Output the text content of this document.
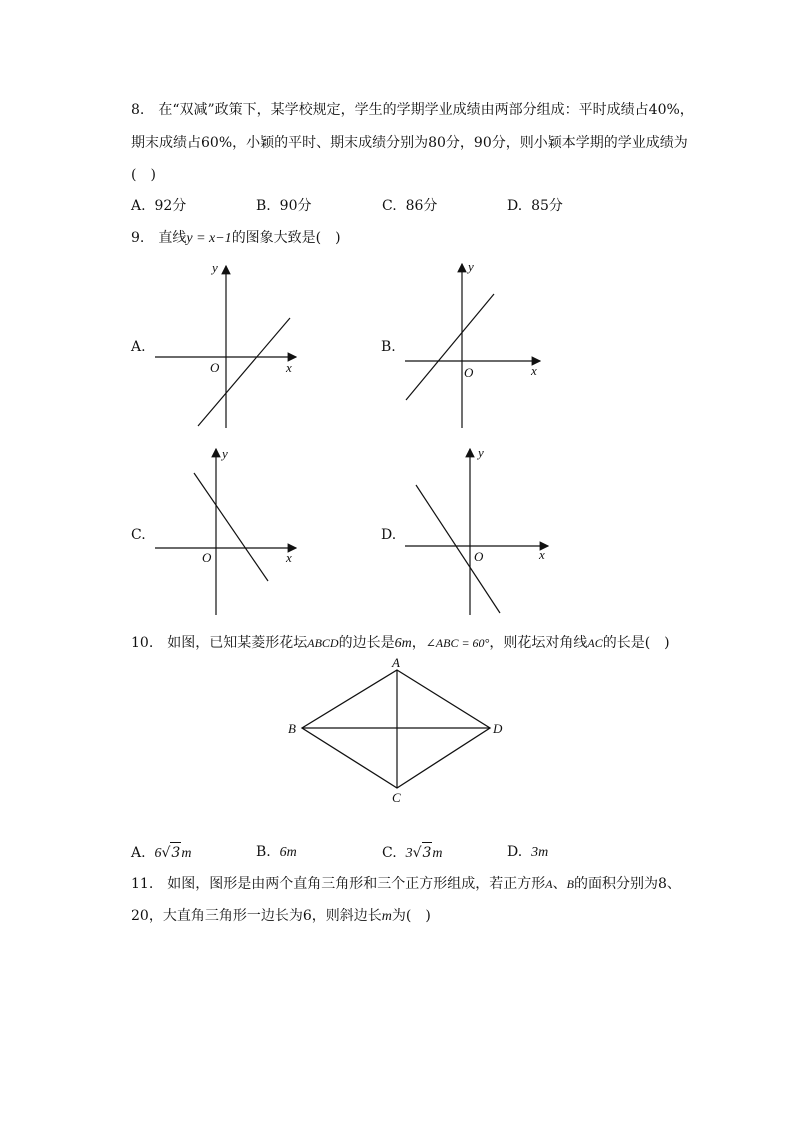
8.　在“双减”政策下，某学校规定，学生的学期学业成绩由两部分组成：平时成绩占40%，
期末成绩占60%，小颖的平时、期末成绩分别为80分，90分，则小颖本学期的学业成绩为
(　)
A. 92分	B. 90分	C. 86分	D. 85分
9.　直线y = x−1的图象大致是(　)
A.
y
x
O
B.
y
x
O
C.
y
x
O
D.
y
x
O
10.　如图，已知某菱形花坛ABCD的边长是6m，∠ABC = 60°，则花坛对角线AC的长是(　)
A
B
C
D
A. 6√3m	B. 6m	C. 3√3m	D. 3m
11.　如图，图形是由两个直角三角形和三个正方形组成，若正方形A、B的面积分别为8、
20，大直角三角形一边长为6，则斜边长m为(　)
